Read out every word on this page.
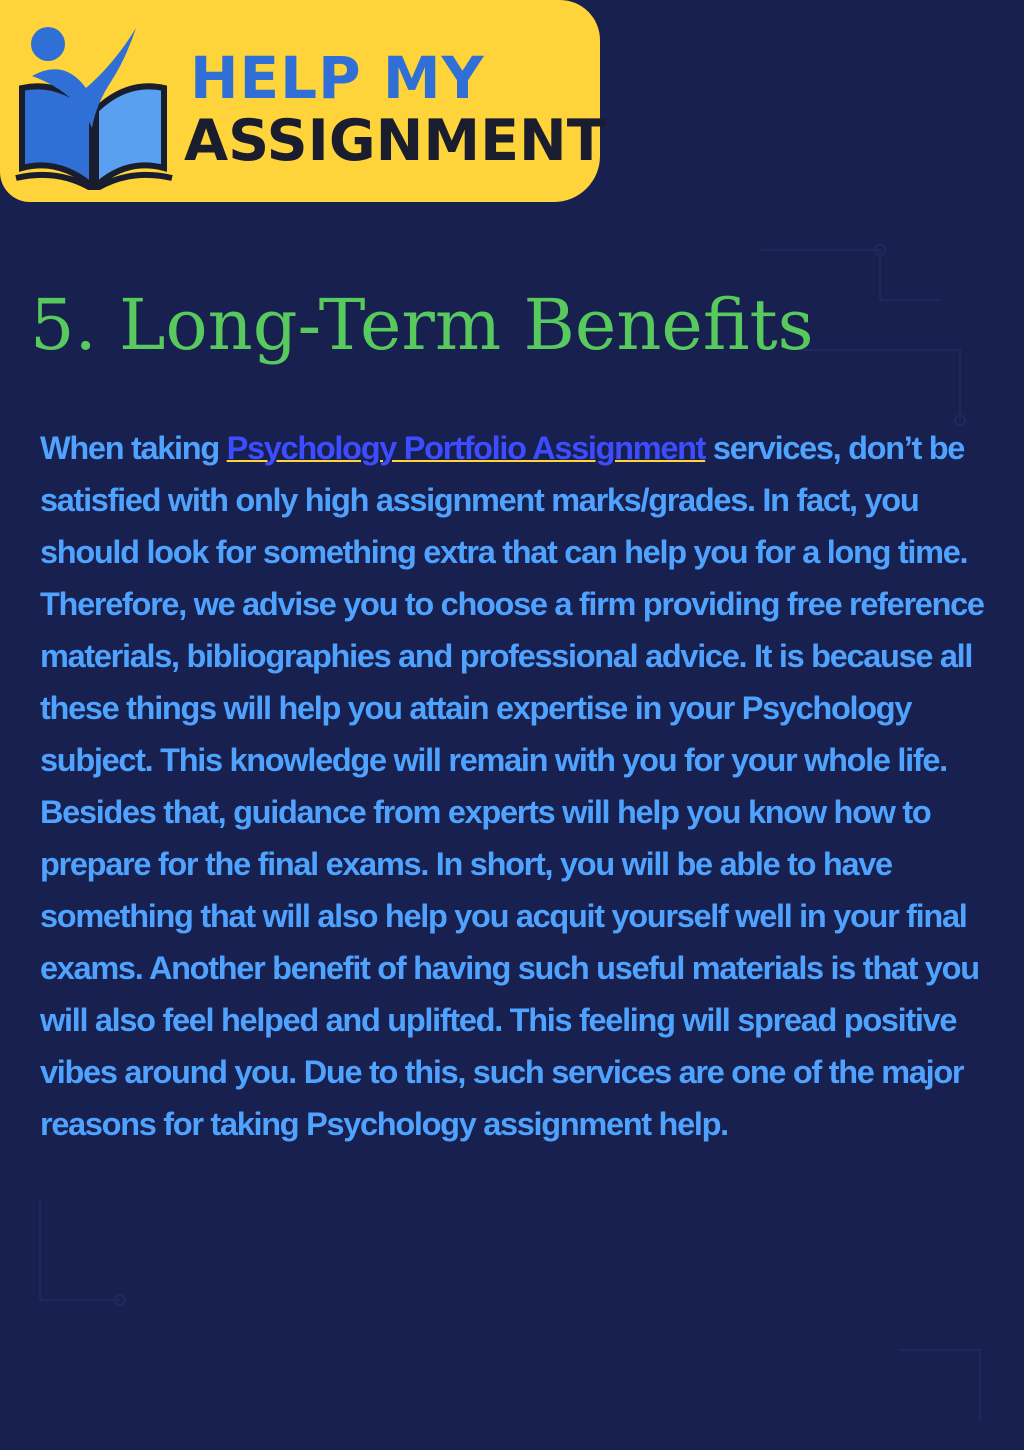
HELP MY
ASSIGNMENT
5. Long-Term Benefits

When taking Psychology Portfolio Assignment services, don’t be satisfied with only high assignment marks/grades. In fact, you should look for something extra that can help you for a long time. Therefore, we advise you to choose a firm providing free reference materials, bibliographies and professional advice. It is because all these things will help you attain expertise in your Psychology subject. This knowledge will remain with you for your whole life. Besides that, guidance from experts will help you know how to prepare for the final exams. In short, you will be able to have something that will also help you acquit yourself well in your final exams. Another benefit of having such useful materials is that you will also feel helped and uplifted. This feeling will spread positive vibes around you. Due to this, such services are one of the major reasons for taking Psychology assignment help.
